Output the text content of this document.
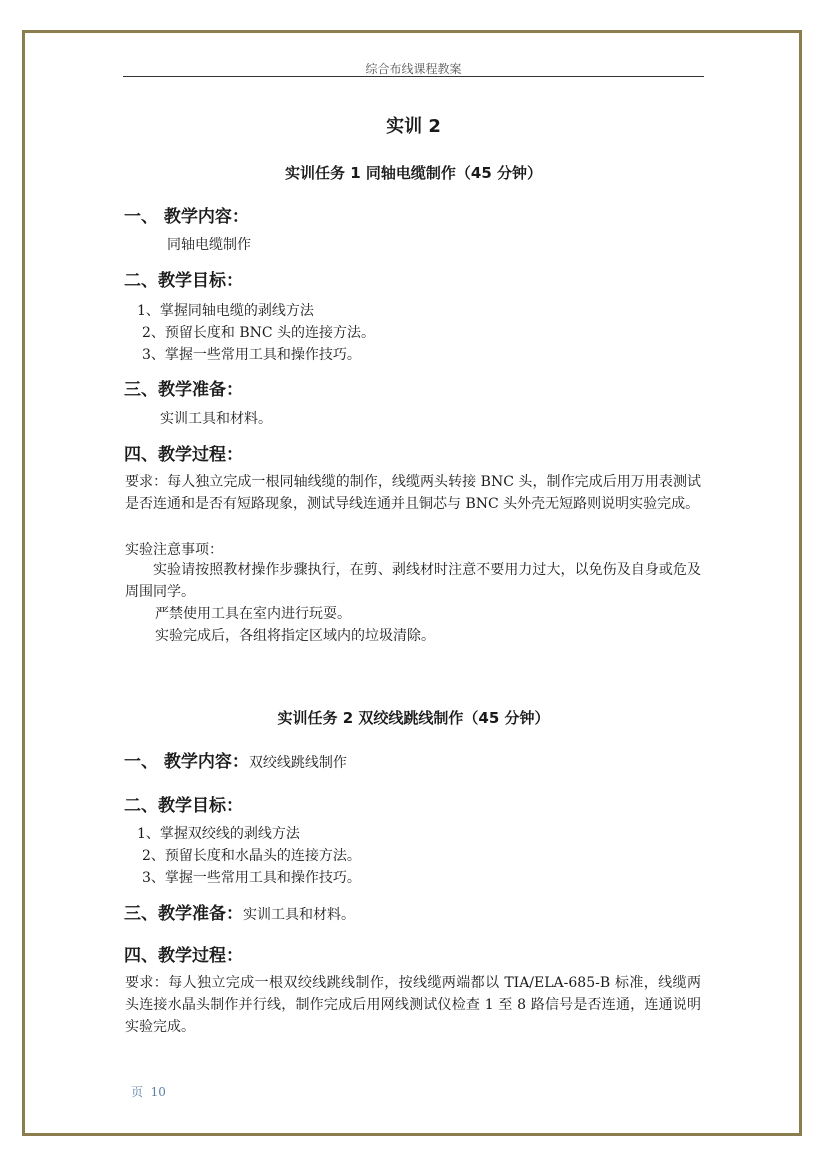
综合布线课程教案
实训 2
实训任务 1 同轴电缆制作（45 分钟）
一、 教学内容：
同轴电缆制作
二、教学目标：
1、掌握同轴电缆的剥线方法
2、预留长度和 BNC 头的连接方法。
3、掌握一些常用工具和操作技巧。
三、教学准备：
实训工具和材料。
四、教学过程：
要求：每人独立完成一根同轴线缆的制作，线缆两头转接 BNC 头，制作完成后用万用表测试是否连通和是否有短路现象，测试导线连通并且铜芯与 BNC 头外壳无短路则说明实验完成。
实验注意事项：
实验请按照教材操作步骤执行，在剪、剥线材时注意不要用力过大，以免伤及自身或危及周围同学。
严禁使用工具在室内进行玩耍。
实验完成后，各组将指定区域内的垃圾清除。
实训任务 2 双绞线跳线制作（45 分钟）
一、 教学内容：双绞线跳线制作
二、教学目标：
1、掌握双绞线的剥线方法
2、预留长度和水晶头的连接方法。
3、掌握一些常用工具和操作技巧。
三、教学准备：实训工具和材料。
四、教学过程：
要求：每人独立完成一根双绞线跳线制作，按线缆两端都以 TIA/ELA-685-B 标准，线缆两头连接水晶头制作并行线，制作完成后用网线测试仪检查 1 至 8 路信号是否连通，连通说明实验完成。
页 10
